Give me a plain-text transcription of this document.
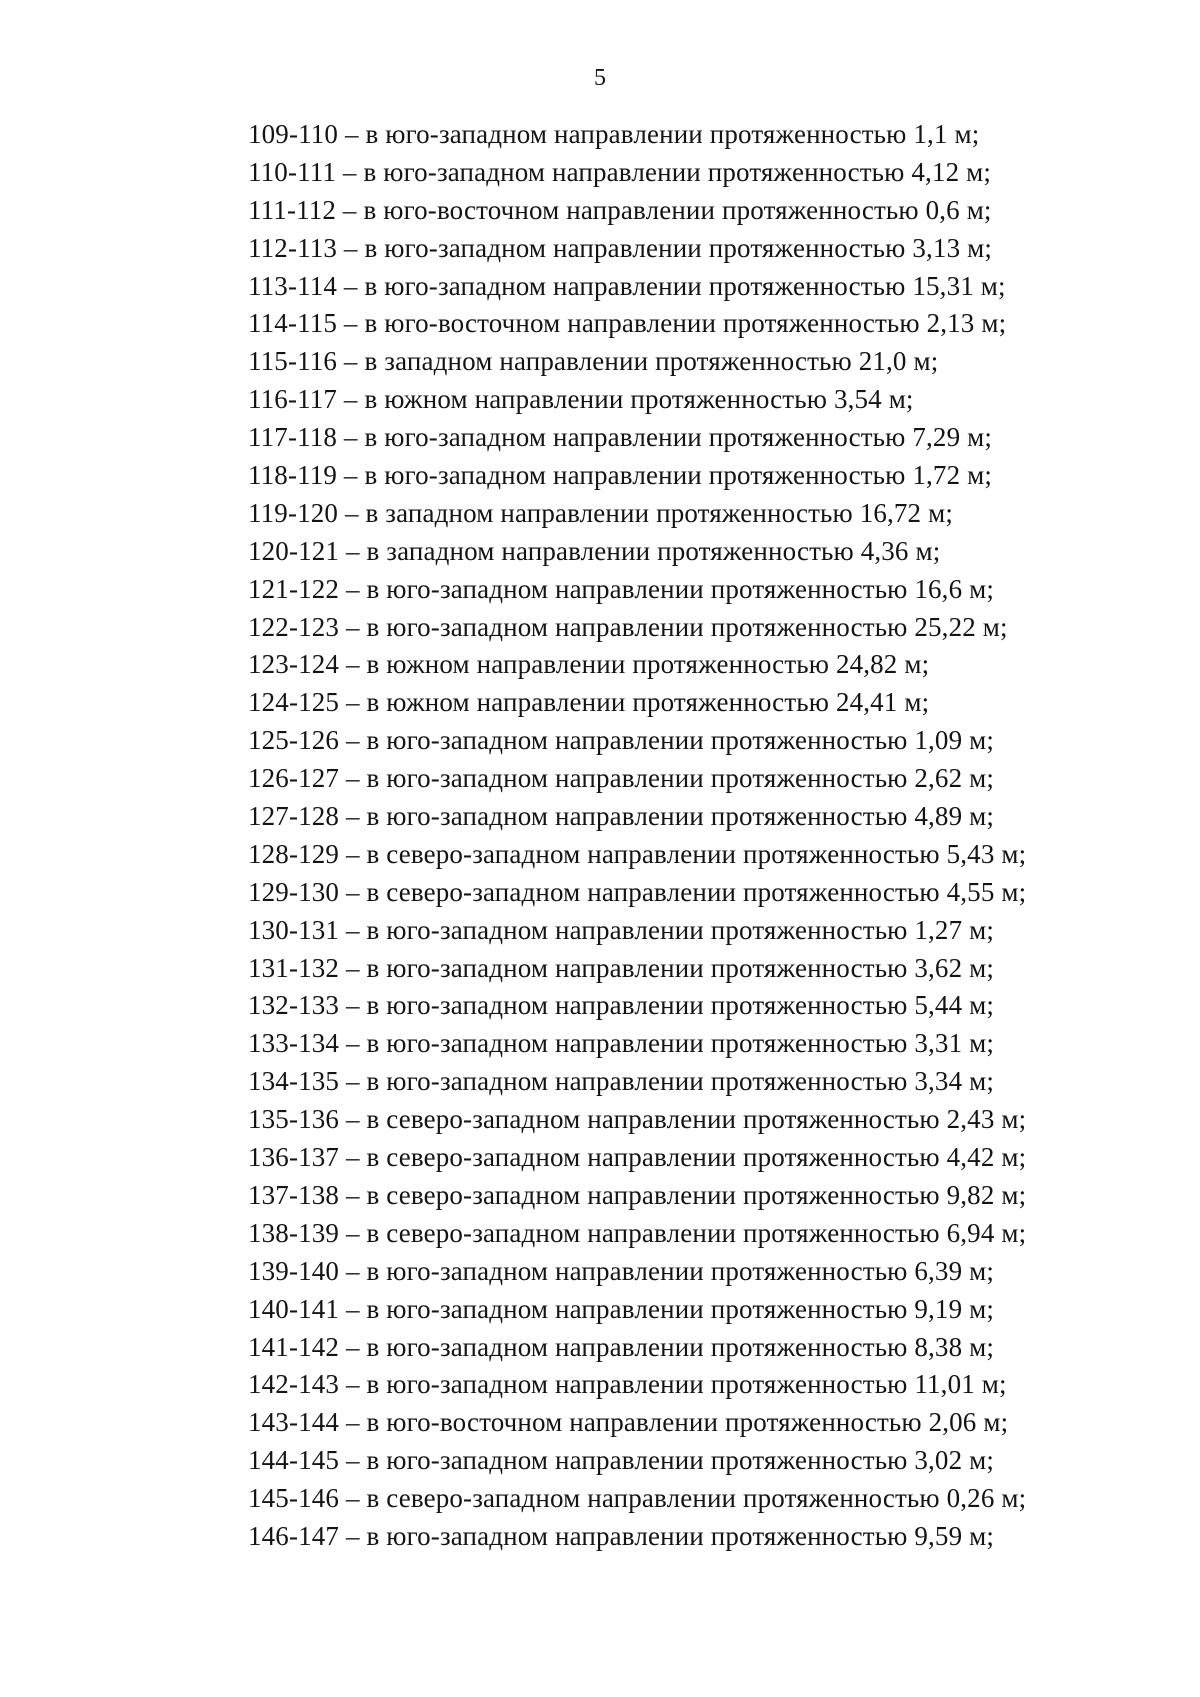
5
109-110 – в юго-западном направлении протяженностью 1,1 м;
110-111 – в юго-западном направлении протяженностью 4,12 м;
111-112 – в юго-восточном направлении протяженностью 0,6 м;
112-113 – в юго-западном направлении протяженностью 3,13 м;
113-114 – в юго-западном направлении протяженностью 15,31 м;
114-115 – в юго-восточном направлении протяженностью 2,13 м;
115-116 – в западном направлении протяженностью 21,0 м;
116-117 – в южном направлении протяженностью 3,54 м;
117-118 – в юго-западном направлении протяженностью 7,29 м;
118-119 – в юго-западном направлении протяженностью 1,72 м;
119-120 – в западном направлении протяженностью 16,72 м;
120-121 – в западном направлении протяженностью 4,36 м;
121-122 – в юго-западном направлении протяженностью 16,6 м;
122-123 – в юго-западном направлении протяженностью 25,22 м;
123-124 – в южном направлении протяженностью 24,82 м;
124-125 – в южном направлении протяженностью 24,41 м;
125-126 – в юго-западном направлении протяженностью 1,09 м;
126-127 – в юго-западном направлении протяженностью 2,62 м;
127-128 – в юго-западном направлении протяженностью 4,89 м;
128-129 – в северо-западном направлении протяженностью 5,43 м;
129-130 – в северо-западном направлении протяженностью 4,55 м;
130-131 – в юго-западном направлении протяженностью 1,27 м;
131-132 – в юго-западном направлении протяженностью 3,62 м;
132-133 – в юго-западном направлении протяженностью 5,44 м;
133-134 – в юго-западном направлении протяженностью 3,31 м;
134-135 – в юго-западном направлении протяженностью 3,34 м;
135-136 – в северо-западном направлении протяженностью 2,43 м;
136-137 – в северо-западном направлении протяженностью 4,42 м;
137-138 – в северо-западном направлении протяженностью 9,82 м;
138-139 – в северо-западном направлении протяженностью 6,94 м;
139-140 – в юго-западном направлении протяженностью 6,39 м;
140-141 – в юго-западном направлении протяженностью 9,19 м;
141-142 – в юго-западном направлении протяженностью 8,38 м;
142-143 – в юго-западном направлении протяженностью 11,01 м;
143-144 – в юго-восточном направлении протяженностью 2,06 м;
144-145 – в юго-западном направлении протяженностью 3,02 м;
145-146 – в северо-западном направлении протяженностью 0,26 м;
146-147 – в юго-западном направлении протяженностью 9,59 м;
